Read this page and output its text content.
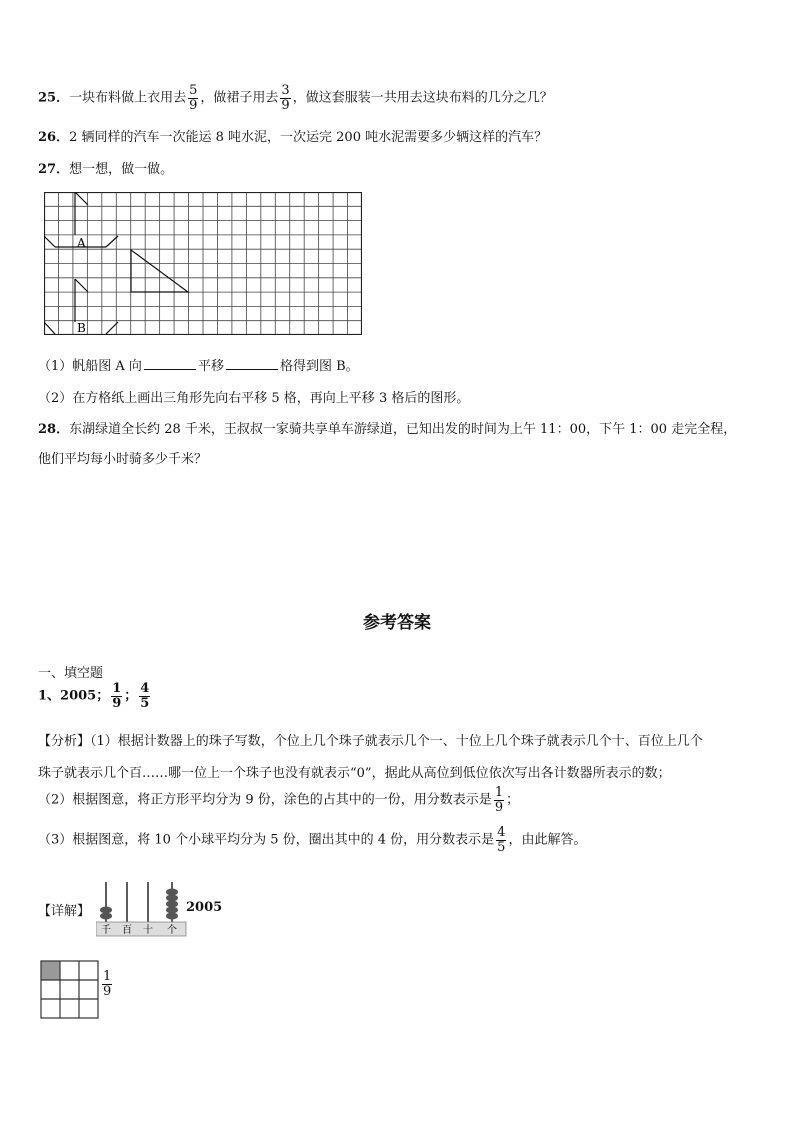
25．一块布料做上衣用去 $\frac{5}{9}$ ，做裙子用去 $\frac{3}{9}$ ，做这套服装一共用去这块布料的几分之几？
26．2 辆同样的汽车一次能运 8 吨水泥，一次运完 200 吨水泥需要多少辆这样的汽车？
27．想一想，做一做。
A
B
（1）帆船图 A 向	平移	格得到图 B。
（2）在方格纸上画出三角形先向右平移 5 格，再向上平移 3 格后的图形。
28．东湖绿道全长约 28 千米，王叔叔一家骑共享单车游绿道，已知出发的时间为上午 11：00，下午 1：00 走完全程，
他们平均每小时骑多少千米？
参考答案
一、填空题
1、2005； $\frac{1}{9}$ ； $\frac{4}{5}$
【分析】（1）根据计数器上的珠子写数，个位上几个珠子就表示几个一、十位上几个珠子就表示几个十、百位上几个
珠子就表示几个百……哪一位上一个珠子也没有就表示“0”，据此从高位到低位依次写出各计数器所表示的数；
（2）根据图意，将正方形平均分为 9 份，涂色的占其中的一份，用分数表示是 $\frac{1}{9}$ ；
（3）根据图意，将 10 个小球平均分为 5 份，圈出其中的 4 份，用分数表示是 $\frac{4}{5}$ ，由此解答。
【详解】
千 百 十 个
2005
$\frac{1}{9}$
